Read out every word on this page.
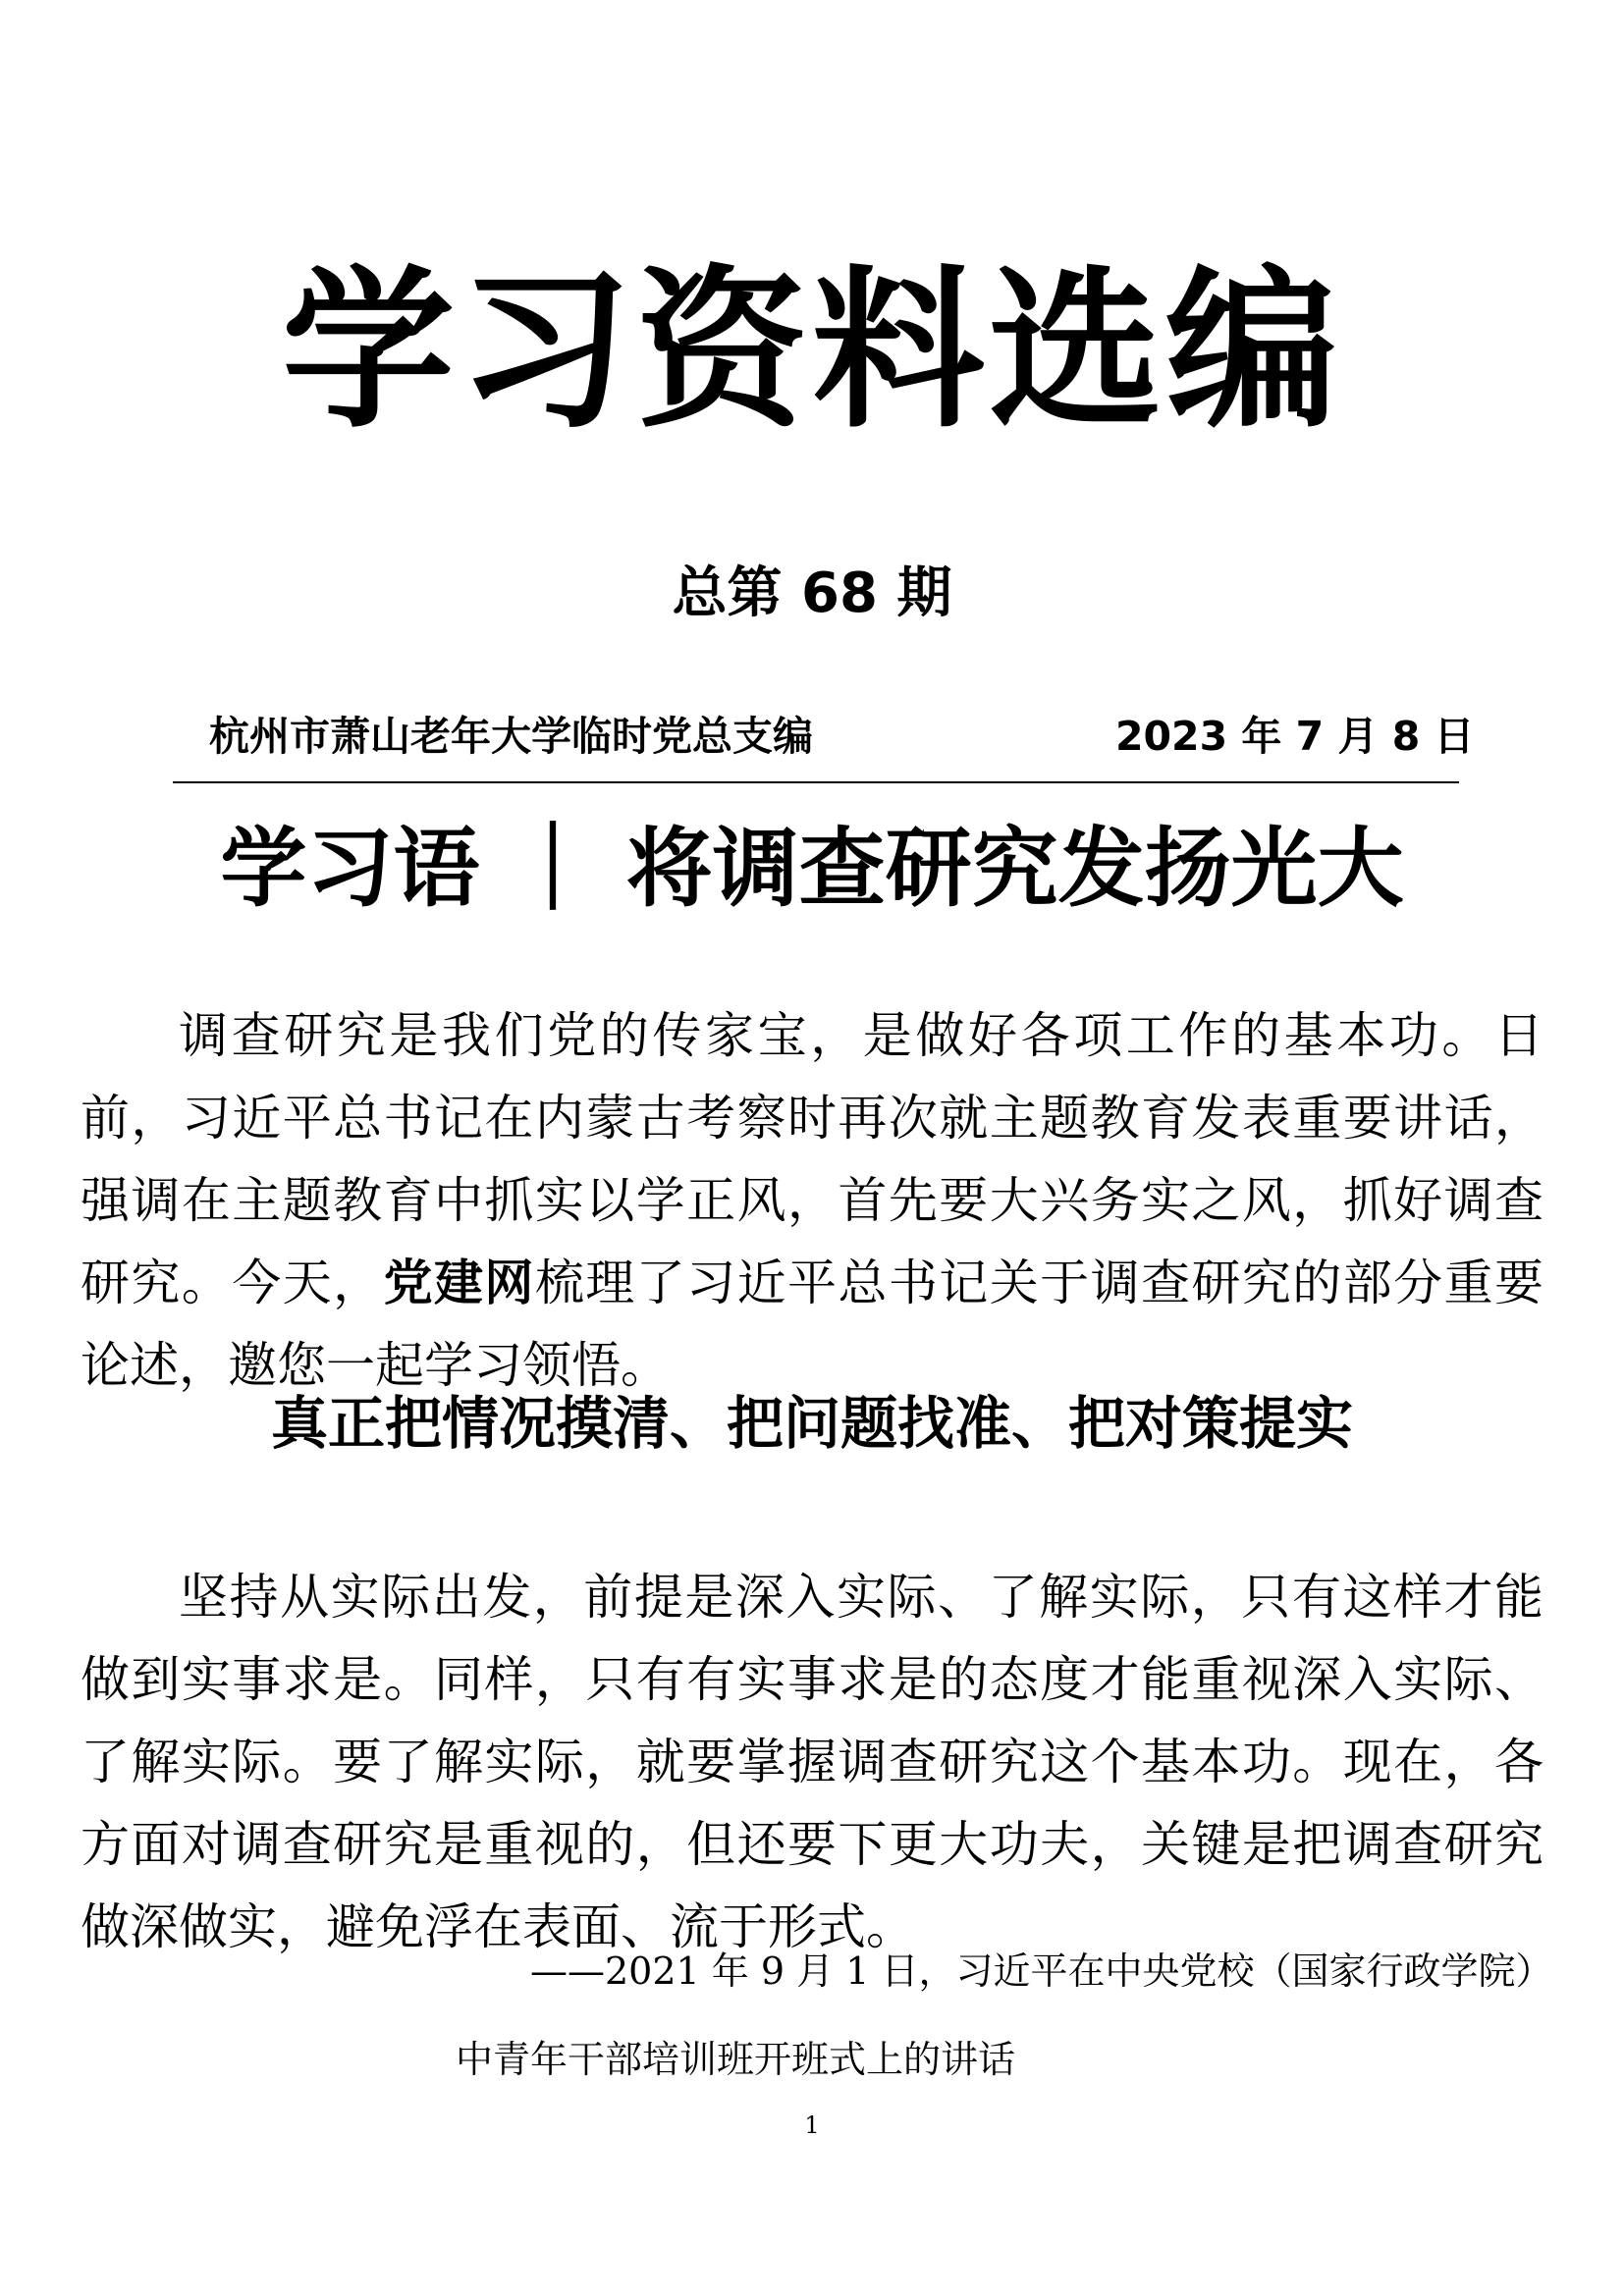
学习资料选编
总第 68 期
杭州市萧山老年大学临时党总支编	2023 年 7 月 8 日
学习语 ｜ 将调查研究发扬光大

调查研究是我们党的传家宝，是做好各项工作的基本功。日前，习近平总书记在内蒙古考察时再次就主题教育发表重要讲话，强调在主题教育中抓实以学正风，首先要大兴务实之风，抓好调查研究。今天，党建网梳理了习近平总书记关于调查研究的部分重要论述，邀您一起学习领悟。

真正把情况摸清、把问题找准、把对策提实

坚持从实际出发，前提是深入实际、了解实际，只有这样才能做到实事求是。同样，只有有实事求是的态度才能重视深入实际、了解实际。要了解实际，就要掌握调查研究这个基本功。现在，各方面对调查研究是重视的，但还要下更大功夫，关键是把调查研究做深做实，避免浮在表面、流于形式。

——2021 年 9 月 1 日，习近平在中央党校（国家行政学院）
中青年干部培训班开班式上的讲话
1
